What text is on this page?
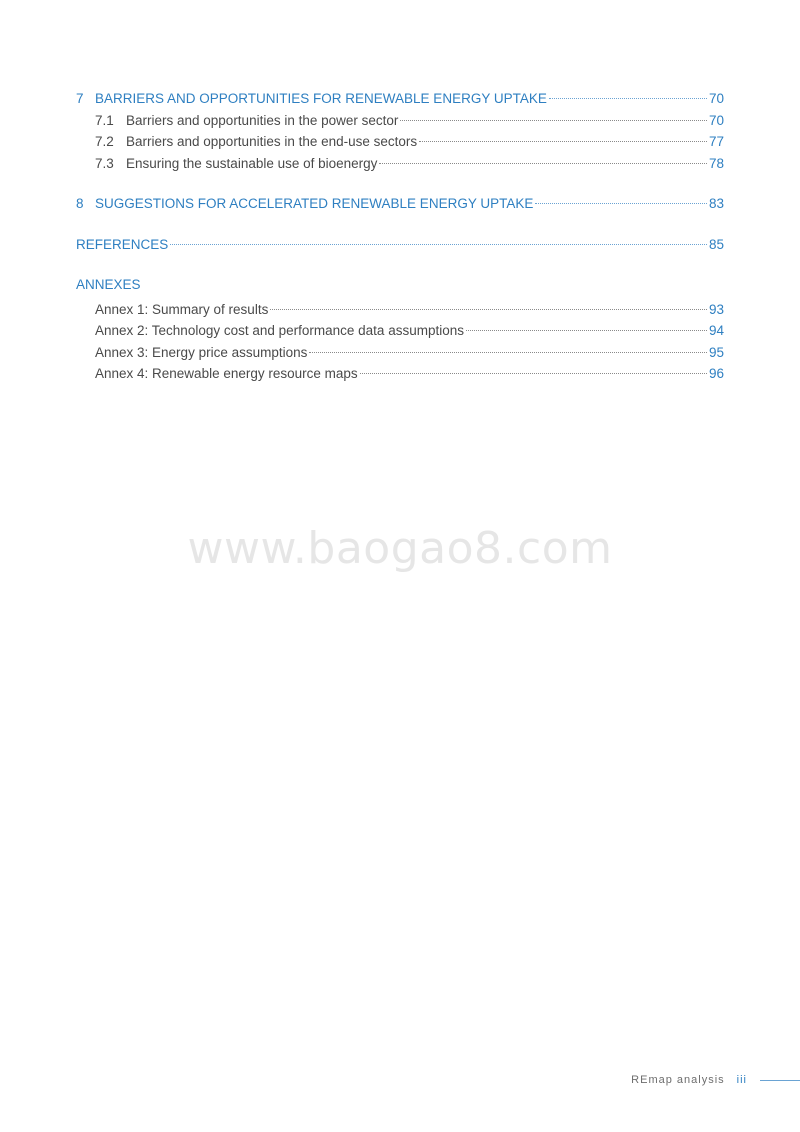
7 BARRIERS AND OPPORTUNITIES FOR RENEWABLE ENERGY UPTAKE	70
7.1 Barriers and opportunities in the power sector	70
7.2 Barriers and opportunities in the end-use sectors	77
7.3 Ensuring the sustainable use of bioenergy	78
8 SUGGESTIONS FOR ACCELERATED RENEWABLE ENERGY UPTAKE	83
REFERENCES	85
ANNEXES
Annex 1: Summary of results	93
Annex 2: Technology cost and performance data assumptions	94
Annex 3: Energy price assumptions	95
Annex 4: Renewable energy resource maps	96
www.baogao8.com
REmap analysis iii
